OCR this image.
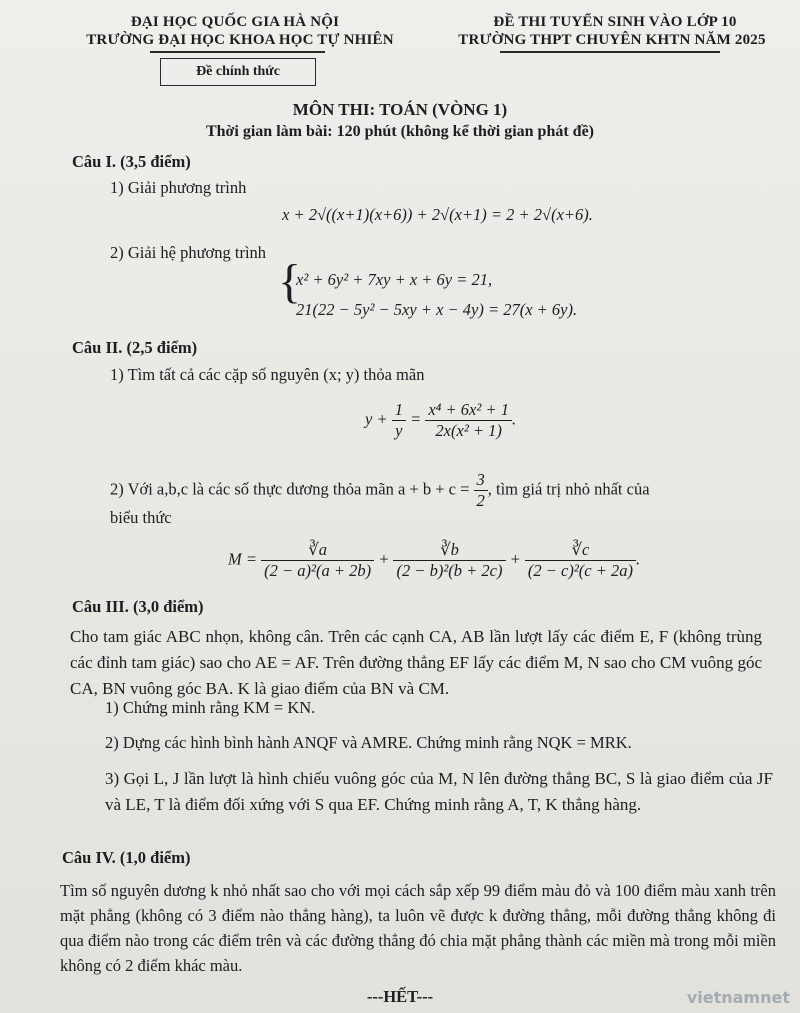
ĐẠI HỌC QUỐC GIA HÀ NỘI
TRƯỜNG ĐẠI HỌC KHOA HỌC TỰ NHIÊN
Đề chính thức
ĐỀ THI TUYỂN SINH VÀO LỚP 10
TRƯỜNG THPT CHUYÊN KHTN NĂM 2025
MÔN THI: TOÁN (VÒNG 1)
Thời gian làm bài: 120 phút (không kể thời gian phát đề)
Câu I. (3,5 điểm)
1) Giải phương trình
x + 2√((x+1)(x+6)) + 2√(x+1) = 2 + 2√(x+6).
2) Giải hệ phương trình
{
x² + 6y² + 7xy + x + 6y = 21,
21(22 − 5y² − 5xy + x − 4y) = 27(x + 6y).
Câu II. (2,5 điểm)
1) Tìm tất cả các cặp số nguyên (x; y) thỏa mãn
$y + \frac{1}{y} = \frac{\text{x⁴ + 6x² + 1}}{\text{2x(x² + 1)}}$ .
2) Với a,b,c là các số thực dương thỏa mãn $a + b + c = \frac{3}{2}$ , tìm giá trị nhỏ nhất của
biểu thức
$M = \frac{∛a}{\text{(2 − a)²(a + 2b)}} + \frac{∛b}{\text{(2 − b)²(b + 2c)}} + \frac{∛c}{\text{(2 − c)²(c + 2a)}}$ .
Câu III. (3,0 điểm)
Cho tam giác ABC nhọn, không cân. Trên các cạnh CA, AB lần lượt lấy các điểm E, F (không trùng các đỉnh tam giác) sao cho AE = AF. Trên đường thẳng EF lấy các điểm M, N sao cho CM vuông góc CA, BN vuông góc BA. K là giao điểm của BN và CM.
1) Chứng minh rằng KM = KN.
2) Dựng các hình bình hành ANQF và AMRE. Chứng minh rằng NQK = MRK.
3) Gọi L, J lần lượt là hình chiếu vuông góc của M, N lên đường thẳng BC, S là giao điểm của JF và LE, T là điểm đối xứng với S qua EF. Chứng minh rằng A, T, K thẳng hàng.
Câu IV. (1,0 điểm)
Tìm số nguyên dương k nhỏ nhất sao cho với mọi cách sắp xếp 99 điểm màu đỏ và 100 điểm màu xanh trên mặt phẳng (không có 3 điểm nào thẳng hàng), ta luôn vẽ được k đường thẳng, mỗi đường thẳng không đi qua điểm nào trong các điểm trên và các đường thẳng đó chia mặt phẳng thành các miền mà trong mỗi miền không có 2 điểm khác màu.
---HẾT---	vietnamnet
